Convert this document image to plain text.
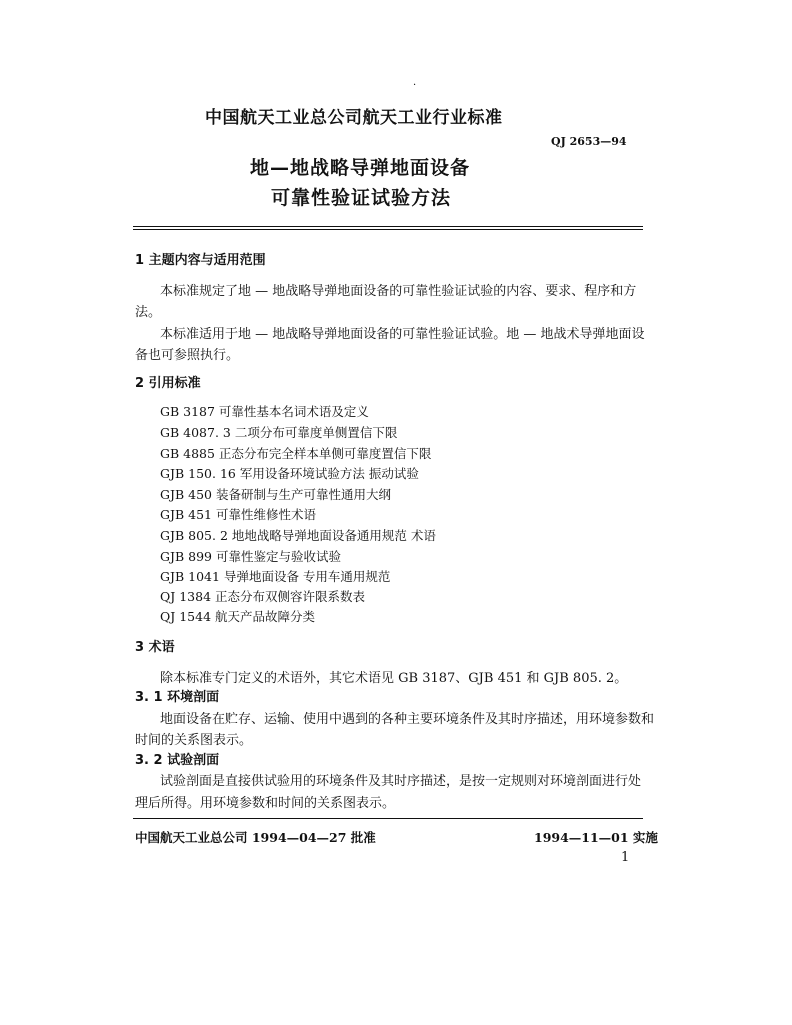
·
中国航天工业总公司航天工业行业标准
QJ 2653—94
地—地战略导弹地面设备
可靠性验证试验方法
1 主题内容与适用范围
本标准规定了地 — 地战略导弹地面设备的可靠性验证试验的内容、要求、程序和方
法。
本标准适用于地 — 地战略导弹地面设备的可靠性验证试验。地 — 地战术导弹地面设
备也可参照执行。
2 引用标准
GB 3187 可靠性基本名词术语及定义
GB 4087. 3 二项分布可靠度单侧置信下限
GB 4885 正态分布完全样本单侧可靠度置信下限
GJB 150. 16 军用设备环境试验方法 振动试验
GJB 450 装备研制与生产可靠性通用大纲
GJB 451 可靠性维修性术语
GJB 805. 2 地地战略导弹地面设备通用规范 术语
GJB 899 可靠性鉴定与验收试验
GJB 1041 导弹地面设备 专用车通用规范
QJ 1384 正态分布双侧容许限系数表
QJ 1544 航天产品故障分类
3 术语
除本标准专门定义的术语外，其它术语见 GB 3187、GJB 451 和 GJB 805. 2。
3. 1 环境剖面
地面设备在贮存、运输、使用中遇到的各种主要环境条件及其时序描述，用环境参数和
时间的关系图表示。
3. 2 试验剖面
试验剖面是直接供试验用的环境条件及其时序描述，是按一定规则对环境剖面进行处
理后所得。用环境参数和时间的关系图表示。
中国航天工业总公司 1994—04—27 批准	1994—11—01 实施
1
